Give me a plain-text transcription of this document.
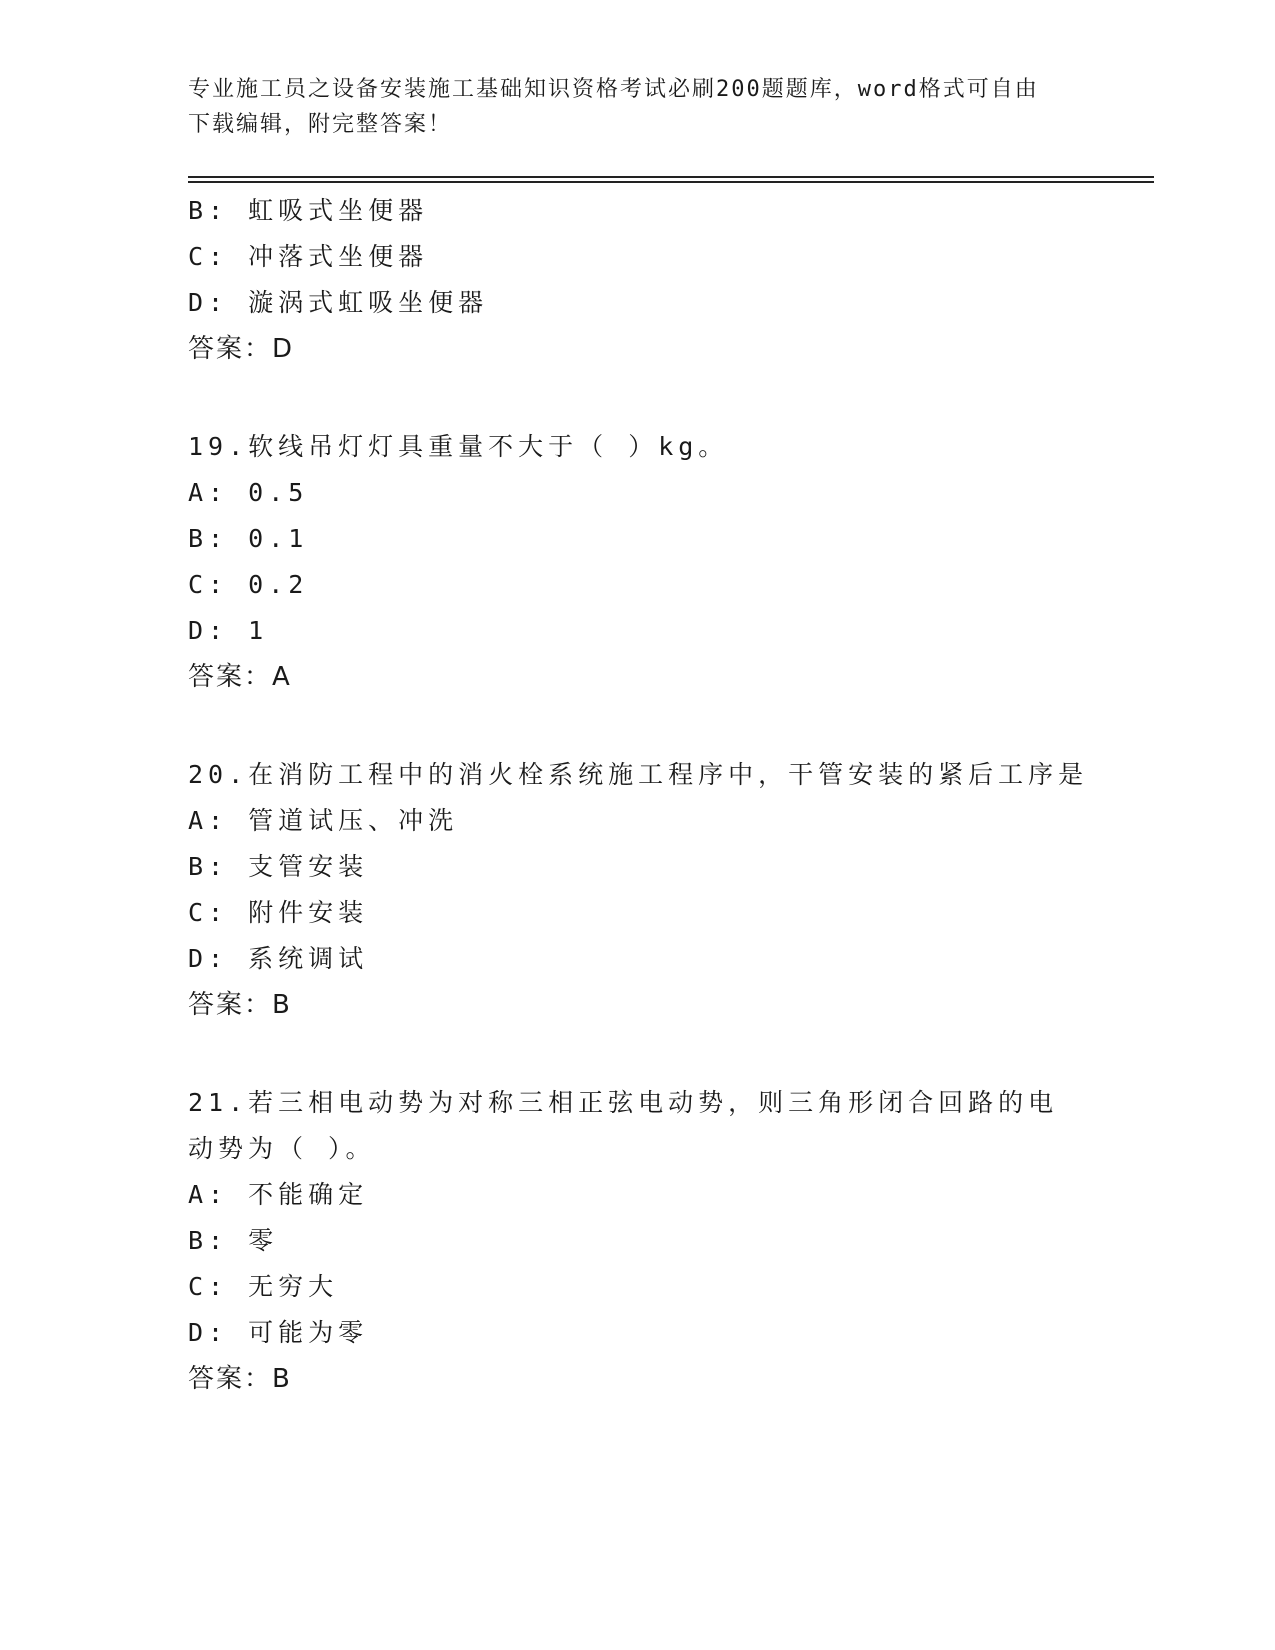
专业施工员之设备安装施工基础知识资格考试必刷200题题库，word格式可自由
下载编辑，附完整答案！
B: 虹吸式坐便器
C: 冲落式坐便器
D: 漩涡式虹吸坐便器
答案：D
19.软线吊灯灯具重量不大于（ ）kg。
A: 0.5
B: 0.1
C: 0.2
D: 1
答案：A
20.在消防工程中的消火栓系统施工程序中，干管安装的紧后工序是
A: 管道试压、冲洗
B: 支管安装
C: 附件安装
D: 系统调试
答案：B
21.若三相电动势为对称三相正弦电动势，则三角形闭合回路的电动势为（ ）。
A: 不能确定
B: 零
C: 无穷大
D: 可能为零
答案：B
